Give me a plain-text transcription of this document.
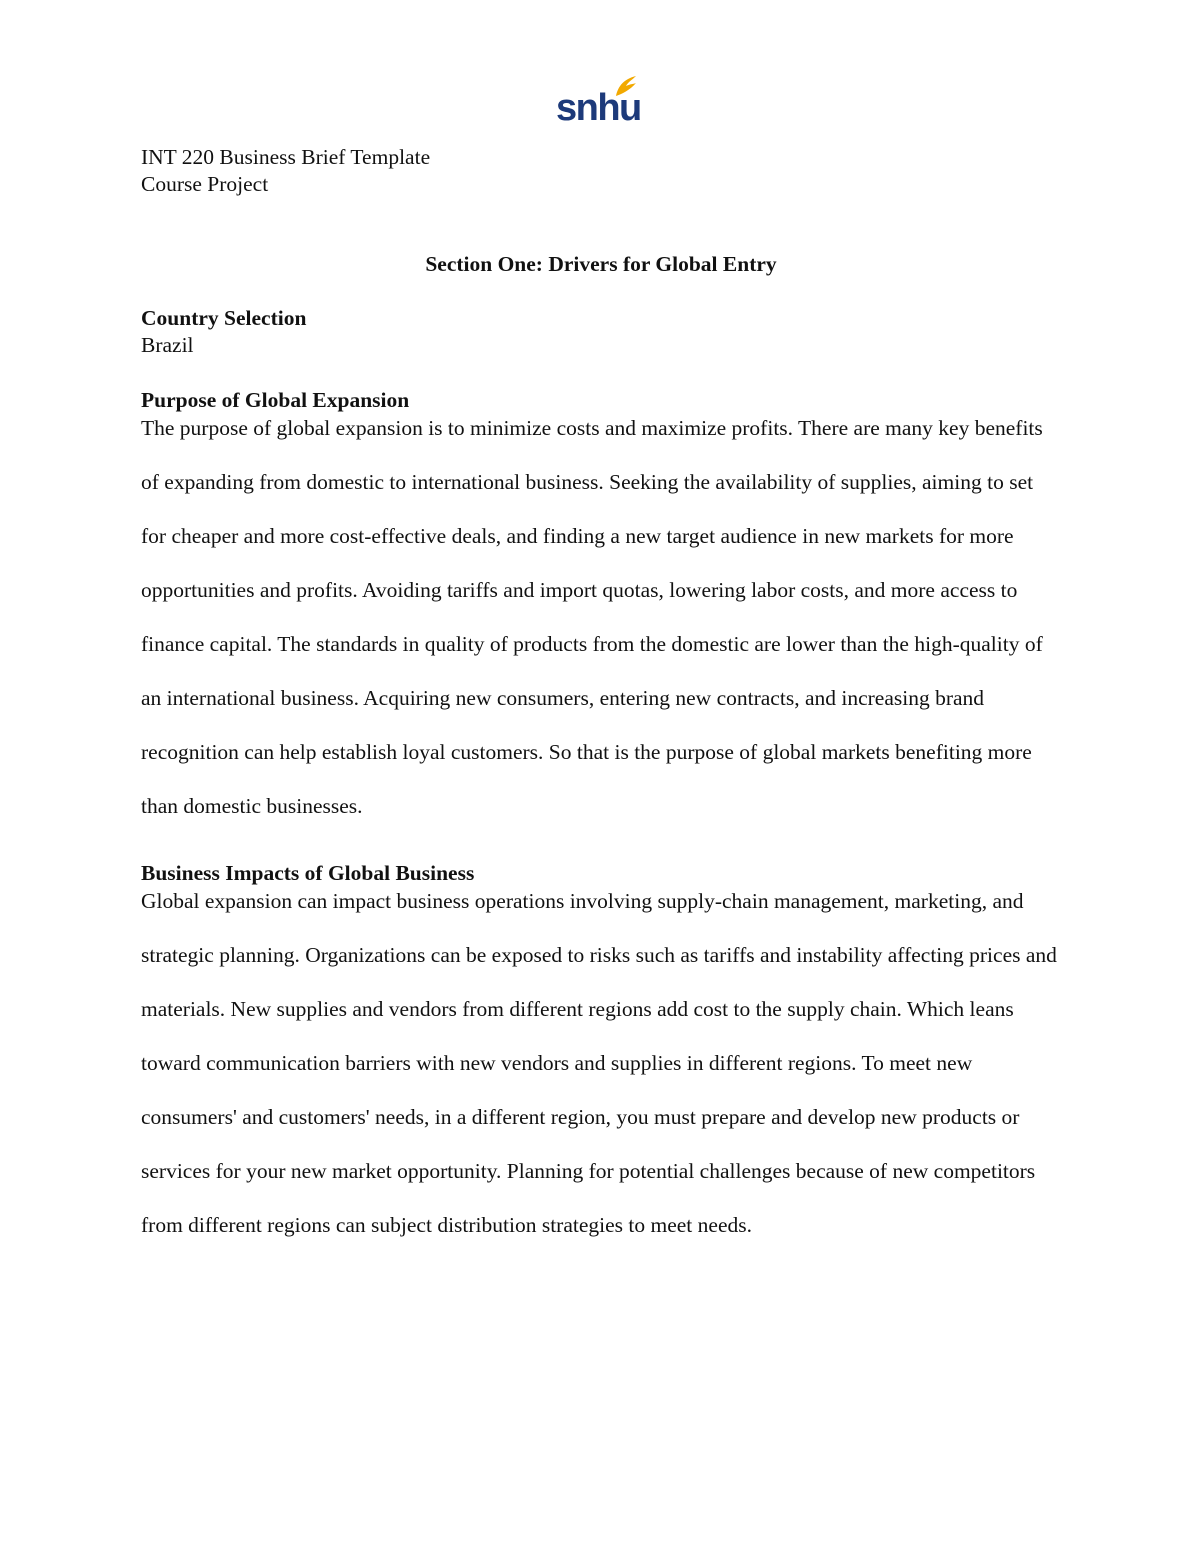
snhu

INT 220 Business Brief Template

Course Project

Section One: Drivers for Global Entry

Country Selection

Brazil

Purpose of Global Expansion

The purpose of global expansion is to minimize costs and maximize profits. There are many key benefits of expanding from domestic to international business. Seeking the availability of supplies, aiming to set for cheaper and more cost-effective deals, and finding a new target audience in new markets for more opportunities and profits. Avoiding tariffs and import quotas, lowering labor costs, and more access to finance capital. The standards in quality of products from the domestic are lower than the high-quality of an international business. Acquiring new consumers, entering new contracts, and increasing brand recognition can help establish loyal customers. So that is the purpose of global markets benefiting more than domestic businesses.

Business Impacts of Global Business

Global expansion can impact business operations involving supply-chain management, marketing, and strategic planning. Organizations can be exposed to risks such as tariffs and instability affecting prices and materials. New supplies and vendors from different regions add cost to the supply chain. Which leans toward communication barriers with new vendors and supplies in different regions. To meet new consumers' and customers' needs, in a different region, you must prepare and develop new products or services for your new market opportunity. Planning for potential challenges because of new competitors from different regions can subject distribution strategies to meet needs.
